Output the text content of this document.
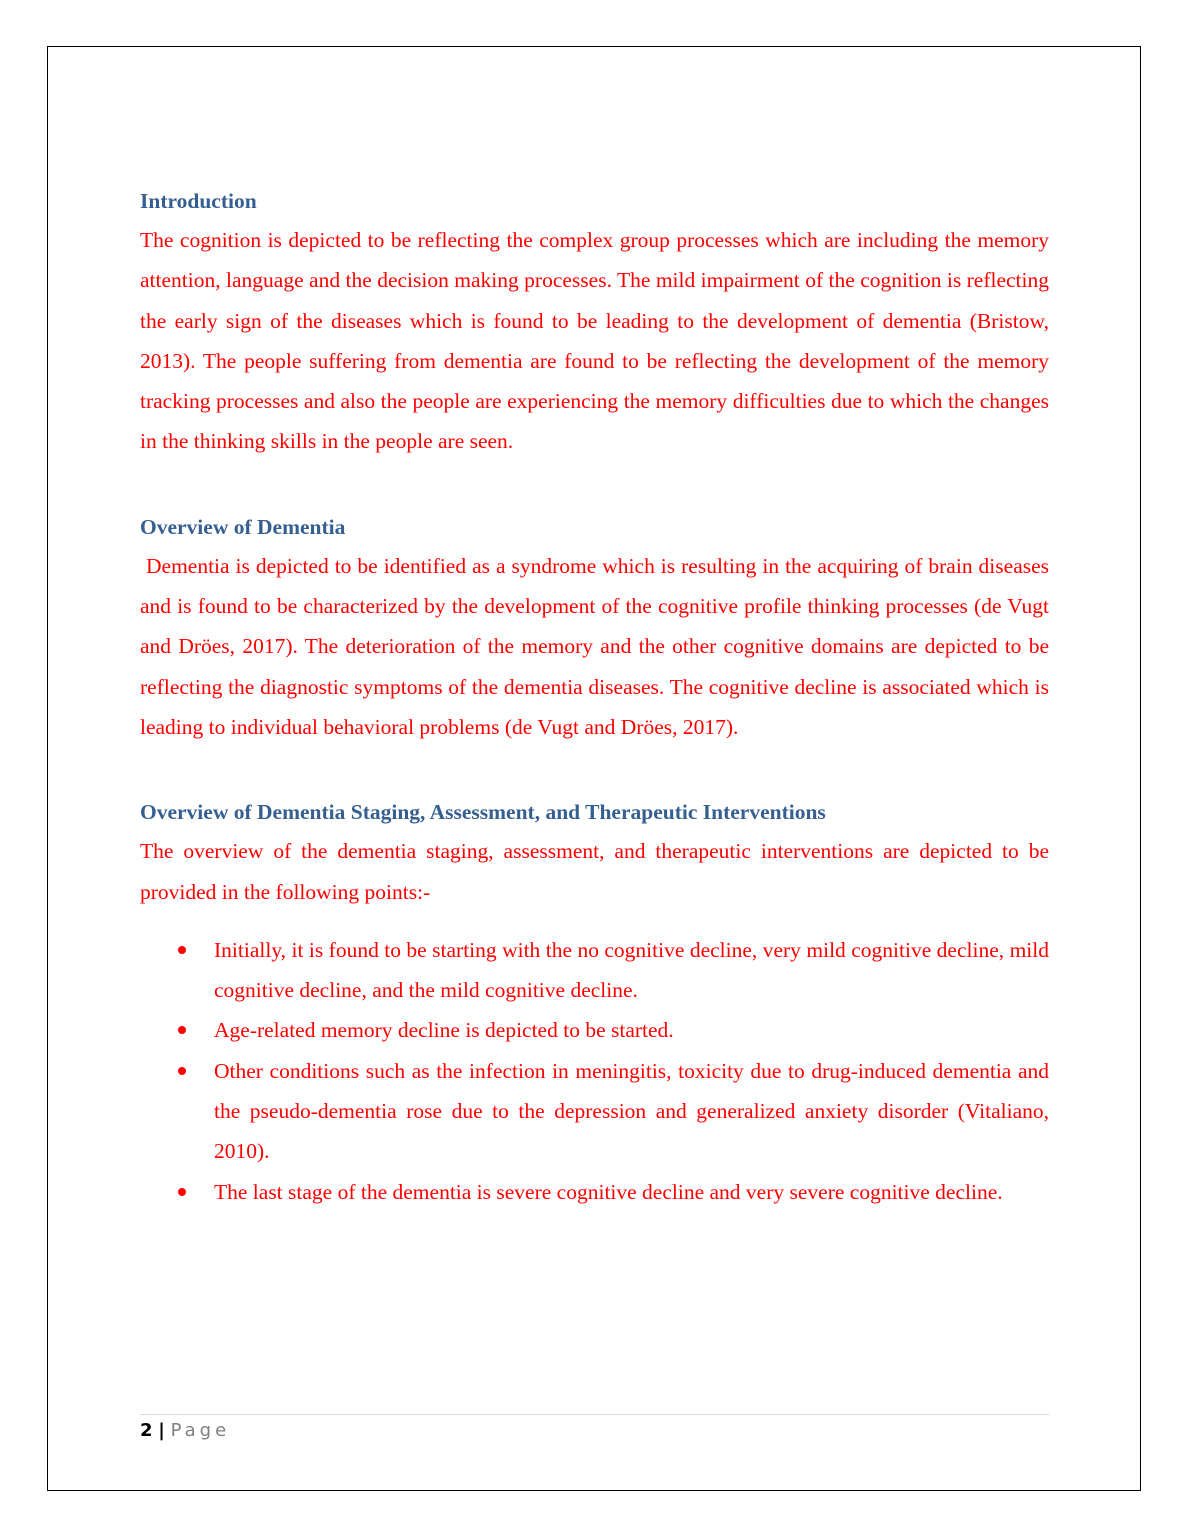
Introduction

The cognition is depicted to be reflecting the complex group processes which are including the memory attention, language and the decision making processes. The mild impairment of the cognition is reflecting the early sign of the diseases which is found to be leading to the development of dementia (Bristow, 2013). The people suffering from dementia are found to be reflecting the development of the memory tracking processes and also the people are experiencing the memory difficulties due to which the changes in the thinking skills in the people are seen.

Overview of Dementia

Dementia is depicted to be identified as a syndrome which is resulting in the acquiring of brain diseases and is found to be characterized by the development of the cognitive profile thinking processes (de Vugt and Dröes, 2017). The deterioration of the memory and the other cognitive domains are depicted to be reflecting the diagnostic symptoms of the dementia diseases. The cognitive decline is associated which is leading to individual behavioral problems (de Vugt and Dröes, 2017).

Overview of Dementia Staging, Assessment, and Therapeutic Interventions

The overview of the dementia staging, assessment, and therapeutic interventions are depicted to be provided in the following points:-

Initially, it is found to be starting with the no cognitive decline, very mild cognitive decline, mild cognitive decline, and the mild cognitive decline.
Age-related memory decline is depicted to be started.
Other conditions such as the infection in meningitis, toxicity due to drug-induced dementia and the pseudo-dementia rose due to the depression and generalized anxiety disorder (Vitaliano, 2010).
The last stage of the dementia is severe cognitive decline and very severe cognitive decline.
2 | Page
